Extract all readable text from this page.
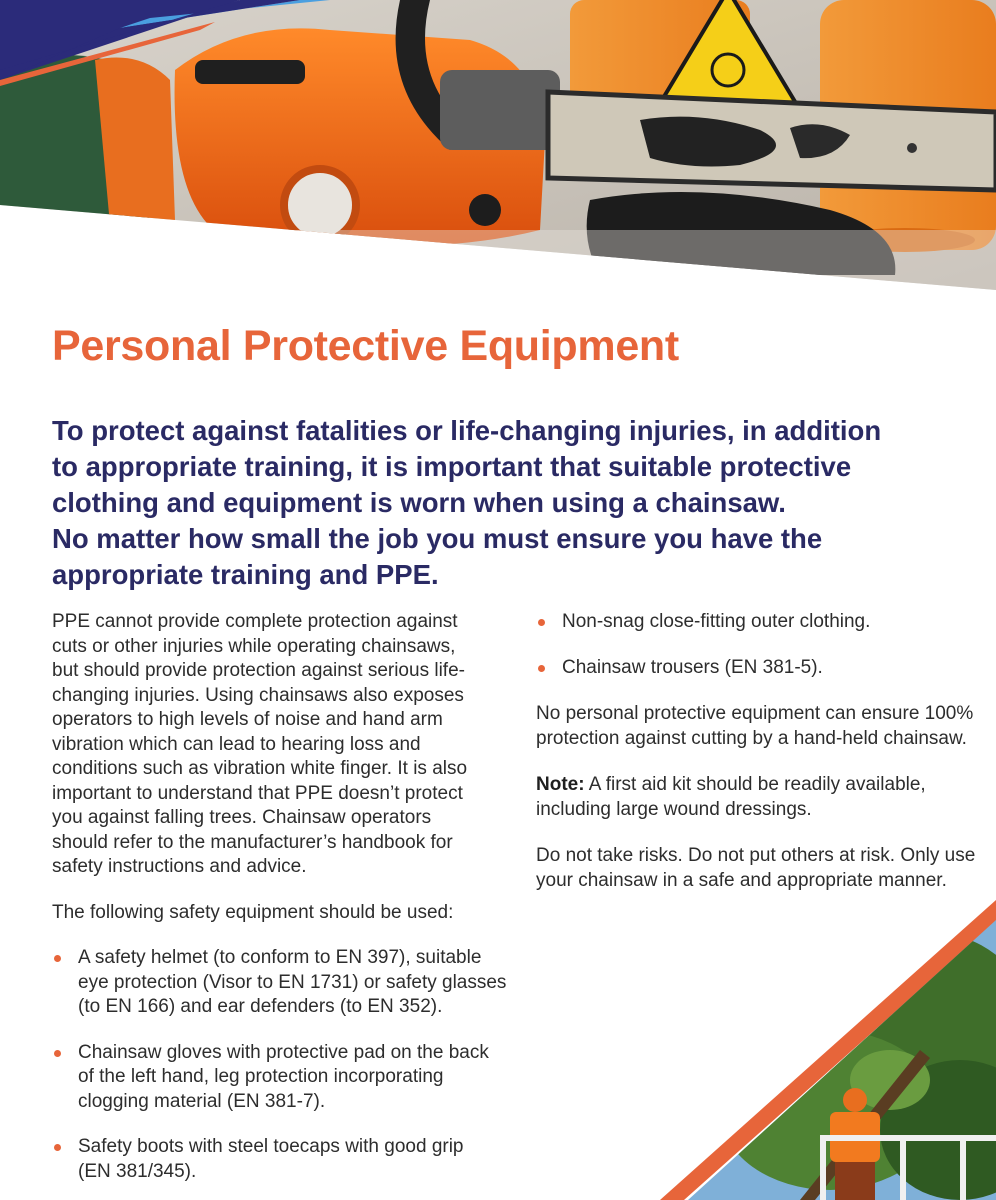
Personal Protective Equipment
To protect against fatalities or life-changing injuries, in addition
to appropriate training, it is important that suitable protective
clothing and equipment is worn when using a chainsaw.
No matter how small the job you must ensure you have the
appropriate training and PPE.

PPE cannot provide complete protection against
cuts or other injuries while operating chainsaws,
but should provide protection against serious life-
changing injuries. Using chainsaws also exposes
operators to high levels of noise and hand arm
vibration which can lead to hearing loss and
conditions such as vibration white finger. It is also
important to understand that PPE doesn’t protect
you against falling trees. Chainsaw operators
should refer to the manufacturer’s handbook for
safety instructions and advice.

The following safety equipment should be used:

A safety helmet (to conform to EN 397), suitable
eye protection (Visor to EN 1731) or safety glasses
(to EN 166) and ear defenders (to EN 352).
Chainsaw gloves with protective pad on the back
of the left hand, leg protection incorporating
clogging material (EN 381-7).
Safety boots with steel toecaps with good grip
(EN 381/345).
Non-snag close-fitting outer clothing.
Chainsaw trousers (EN 381-5).

No personal protective equipment can ensure 100%
protection against cutting by a hand-held chainsaw.

Note: A first aid kit should be readily available,
including large wound dressings.

Do not take risks. Do not put others at risk. Only use
your chainsaw in a safe and appropriate manner.
